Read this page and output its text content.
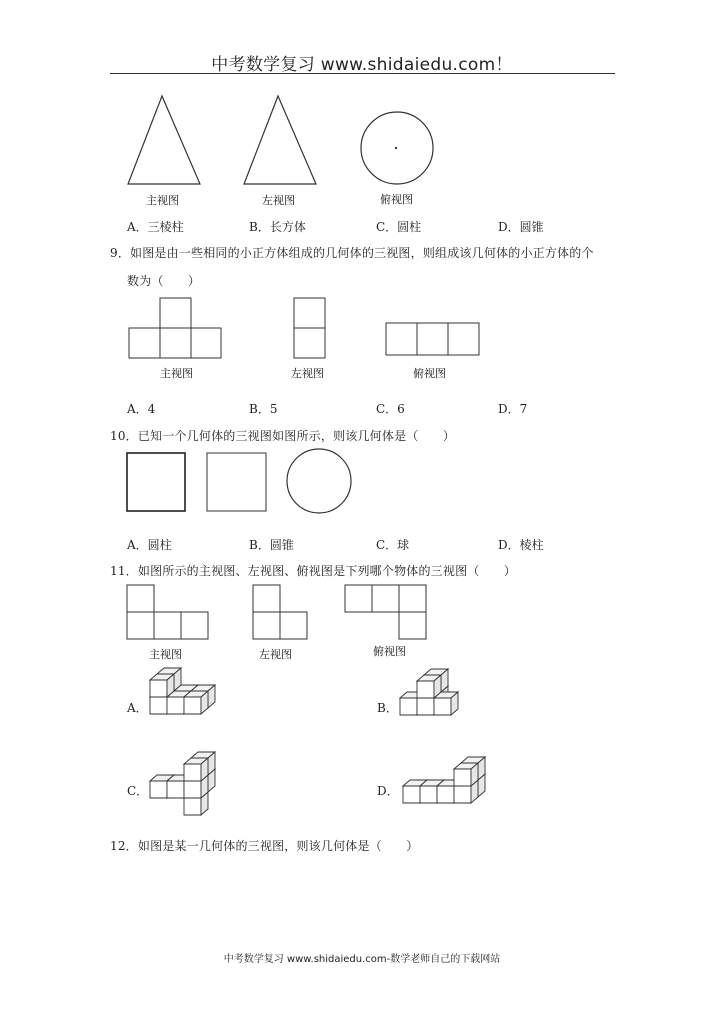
中考数学复习 www.shidaiedu.com！
主视图	左视图	俯视图
A．三棱柱	B．长方体	C．圆柱	D．圆锥
9．如图是由一些相同的小正方体组成的几何体的三视图，则组成该几何体的小正方体的个
数为（　　）
主视图	左视图	俯视图
A．4	B．5	C．6	D．7
10．已知一个几何体的三视图如图所示，则该几何体是（　　）
A．圆柱	B．圆锥	C．球	D．棱柱
11．如图所示的主视图、左视图、俯视图是下列哪个物体的三视图（　　）
主视图	左视图	俯视图
A．	B．
C．	D．
12．如图是某一几何体的三视图，则该几何体是（　　）
中考数学复习 www.shidaiedu.com-数学老师自己的下载网站
